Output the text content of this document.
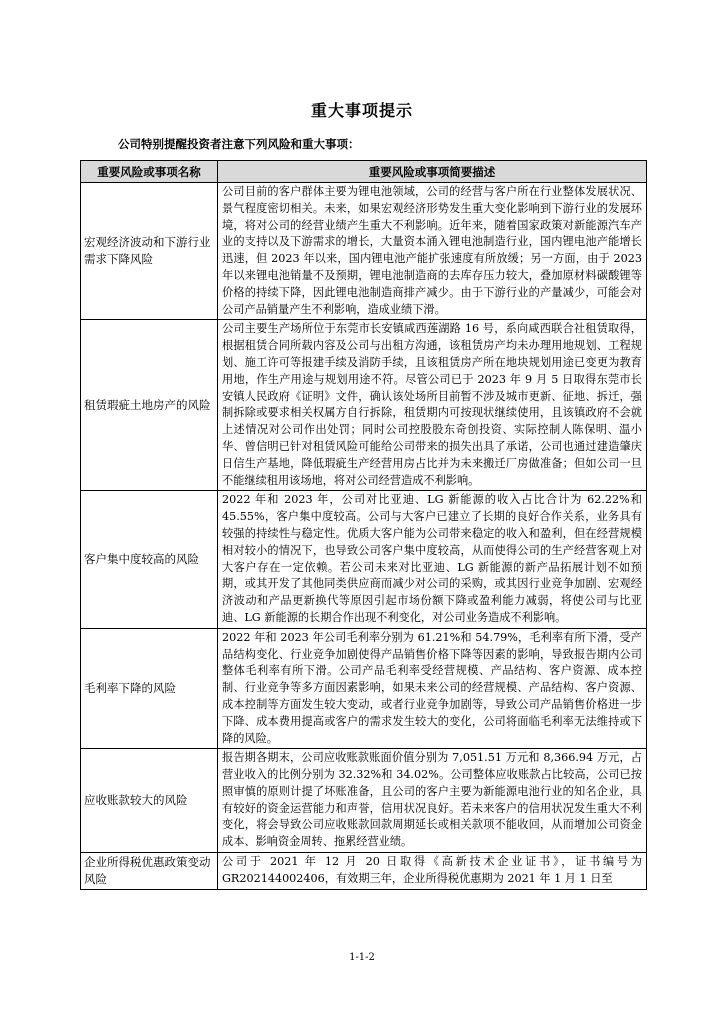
重大事项提示
公司特别提醒投资者注意下列风险和重大事项：
重要风险或事项名称	重要风险或事项简要描述
宏观经济波动和下游行业需求下降风险	公司目前的客户群体主要为锂电池领域，公司的经营与客户所在行业整体发展状况、景气程度密切相关。未来，如果宏观经济形势发生重大变化影响到下游行业的发展环境，将对公司的经营业绩产生重大不利影响。近年来，随着国家政策对新能源汽车产业的支持以及下游需求的增长，大量资本涌入锂电池制造行业，国内锂电池产能增长迅速，但 2023 年以来，国内锂电池产能扩张速度有所放缓；另一方面，由于 2023 年以来锂电池销量不及预期，锂电池制造商的去库存压力较大，叠加原材料碳酸锂等价格的持续下降，因此锂电池制造商排产减少。由于下游行业的产量减少，可能会对公司产品销量产生不利影响，造成业绩下滑。
租赁瑕疵土地房产的风险	公司主要生产场所位于东莞市长安镇咸西莲湖路 16 号，系向咸西联合社租赁取得，根据租赁合同所载内容及公司与出租方沟通，该租赁房产均未办理用地规划、工程规划、施工许可等报建手续及消防手续，且该租赁房产所在地块规划用途已变更为教育用地，作生产用途与规划用途不符。尽管公司已于 2023 年 9 月 5 日取得东莞市长安镇人民政府《证明》文件，确认该处场所目前暂不涉及城市更新、征地、拆迁，强制拆除或要求相关权属方自行拆除，租赁期内可按现状继续使用，且该镇政府不会就上述情况对公司作出处罚；同时公司控股股东奇创投资、实际控制人陈保明、温小华、曾信明已针对租赁风险可能给公司带来的损失出具了承诺，公司也通过建造肇庆日信生产基地，降低瑕疵生产经营用房占比并为未来搬迁厂房做准备；但如公司一旦不能继续租用该场地，将对公司经营造成不利影响。
客户集中度较高的风险	2022 年和 2023 年，公司对比亚迪、LG 新能源的收入占比合计为 62.22%和 45.55%，客户集中度较高。公司与大客户已建立了长期的良好合作关系，业务具有较强的持续性与稳定性。优质大客户能为公司带来稳定的收入和盈利，但在经营规模相对较小的情况下，也导致公司客户集中度较高，从而使得公司的生产经营客观上对大客户存在一定依赖。若公司未来对比亚迪、LG 新能源的新产品拓展计划不如预期，或其开发了其他同类供应商而减少对公司的采购，或其因行业竞争加剧、宏观经济波动和产品更新换代等原因引起市场份额下降或盈利能力减弱，将使公司与比亚迪、LG 新能源的长期合作出现不利变化，对公司业务造成不利影响。
毛利率下降的风险	2022 年和 2023 年公司毛利率分别为 61.21%和 54.79%，毛利率有所下滑，受产品结构变化、行业竞争加剧使得产品销售价格下降等因素的影响，导致报告期内公司整体毛利率有所下滑。公司产品毛利率受经营规模、产品结构、客户资源、成本控制、行业竞争等多方面因素影响，如果未来公司的经营规模、产品结构、客户资源、成本控制等方面发生较大变动，或者行业竞争加剧等，导致公司产品销售价格进一步下降、成本费用提高或客户的需求发生较大的变化，公司将面临毛利率无法维持或下降的风险。
应收账款较大的风险	报告期各期末，公司应收账款账面价值分别为 7,051.51 万元和 8,366.94 万元，占营业收入的比例分别为 32.32%和 34.02%。公司整体应收账款占比较高，公司已按照审慎的原则计提了坏账准备，且公司的客户主要为新能源电池行业的知名企业，具有较好的资金运营能力和声誉，信用状况良好。若未来客户的信用状况发生重大不利变化，将会导致公司应收账款回款周期延长或相关款项不能收回，从而增加公司资金成本、影响资金周转、拖累经营业绩。
企业所得税优惠政策变动风险	公司于 2021 年 12 月 20 日取得《高新技术企业证书》，证书编号为 GR202144002406，有效期三年，企业所得税优惠期为 2021 年 1 月 1 日至
1-1-2
